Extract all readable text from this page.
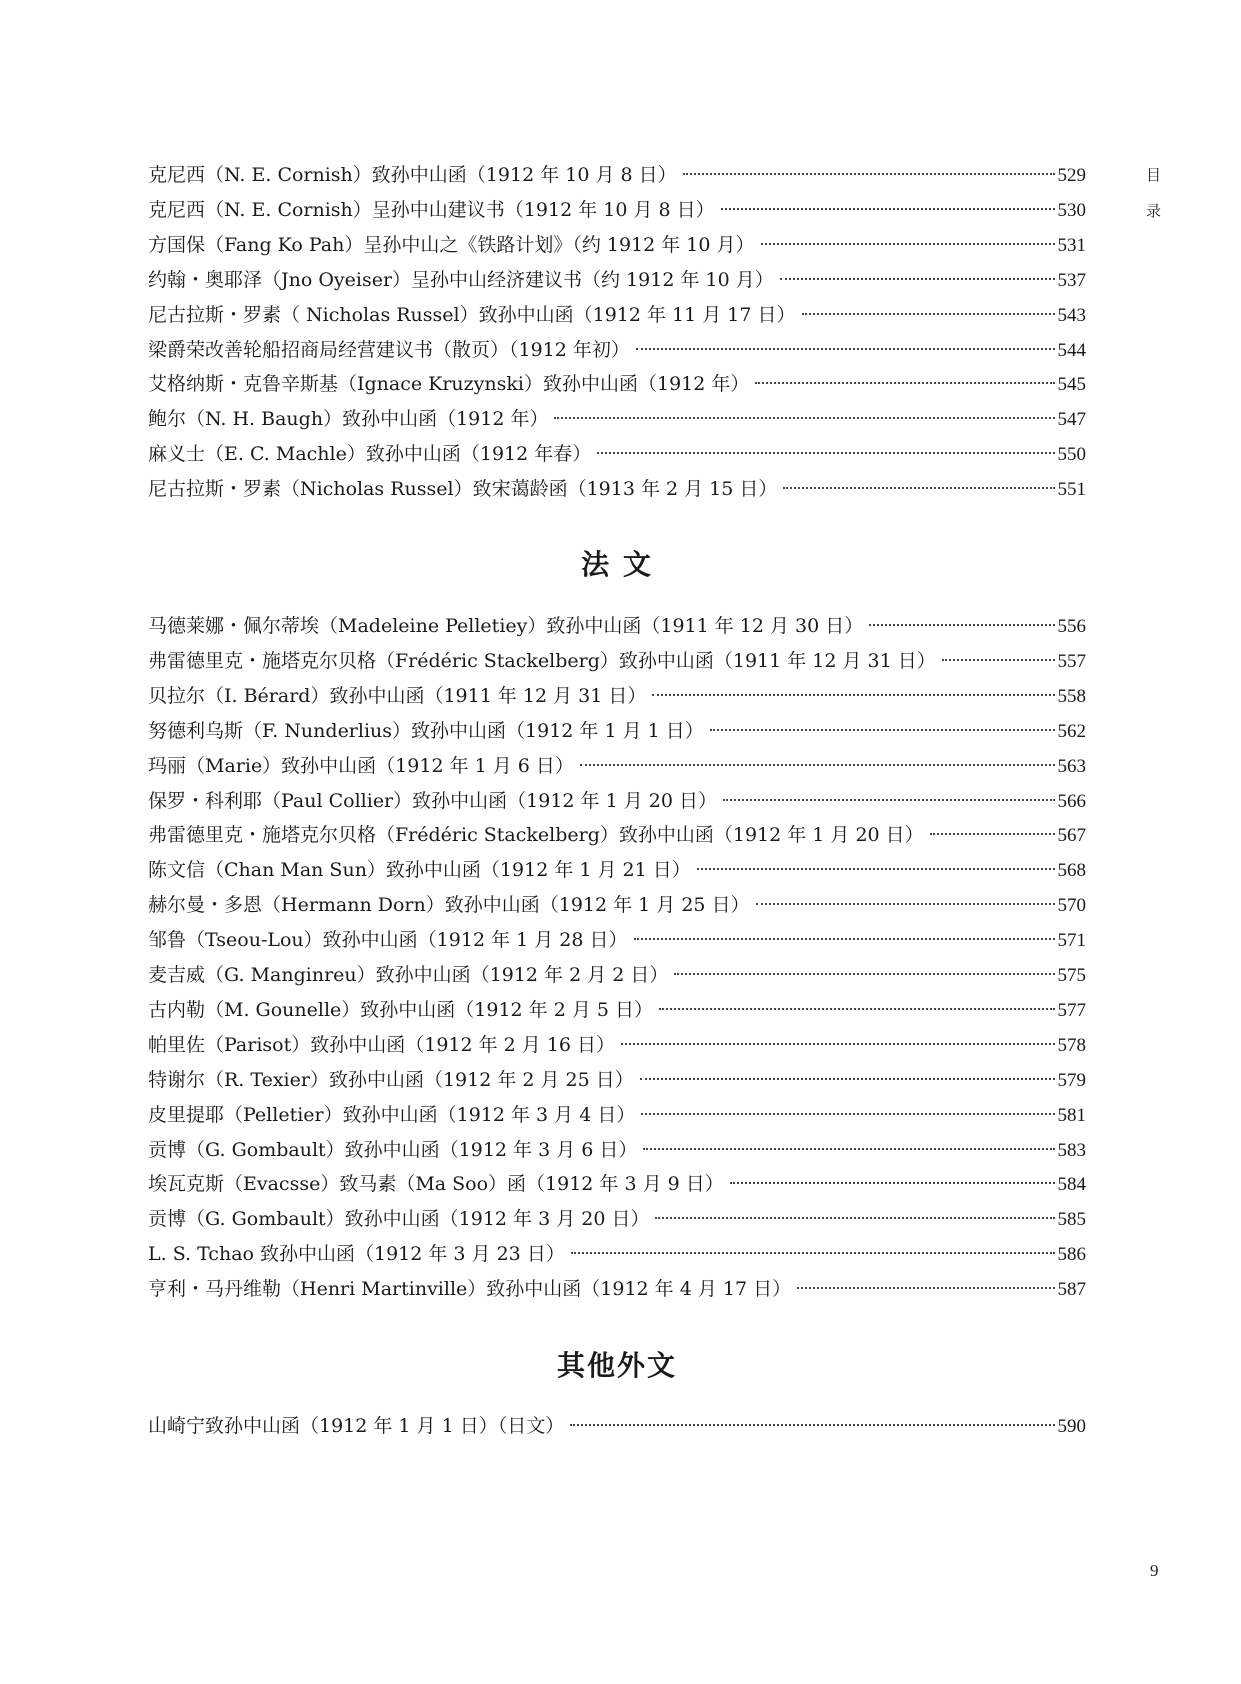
目
录
克尼西（N. E. Cornish）致孙中山函（1912 年 10 月 8 日）	529
克尼西（N. E. Cornish）呈孙中山建议书（1912 年 10 月 8 日）	530
方国保（Fang Ko Pah）呈孙中山之《铁路计划》（约 1912 年 10 月）	531
约翰・奥耶泽（Jno Oyeiser）呈孙中山经济建议书（约 1912 年 10 月）	537
尼古拉斯・罗素（ Nicholas Russel）致孙中山函（1912 年 11 月 17 日）	543
梁爵荣改善轮船招商局经营建议书（散页）（1912 年初）	544
艾格纳斯・克鲁辛斯基（Ignace Kruzynski）致孙中山函（1912 年）	545
鲍尔（N. H. Baugh）致孙中山函（1912 年）	547
麻义士（E. C. Machle）致孙中山函（1912 年春）	550
尼古拉斯・罗素（Nicholas Russel）致宋蔼龄函（1913 年 2 月 15 日）	551
法 文
马德莱娜・佩尔蒂埃（Madeleine Pelletiey）致孙中山函（1911 年 12 月 30 日）	556
弗雷德里克・施塔克尔贝格（Frédéric Stackelberg）致孙中山函（1911 年 12 月 31 日）	557
贝拉尔（I. Bérard）致孙中山函（1911 年 12 月 31 日）	558
努德利乌斯（F. Nunderlius）致孙中山函（1912 年 1 月 1 日）	562
玛丽（Marie）致孙中山函（1912 年 1 月 6 日）	563
保罗・科利耶（Paul Collier）致孙中山函（1912 年 1 月 20 日）	566
弗雷德里克・施塔克尔贝格（Frédéric Stackelberg）致孙中山函（1912 年 1 月 20 日）	567
陈文信（Chan Man Sun）致孙中山函（1912 年 1 月 21 日）	568
赫尔曼・多恩（Hermann Dorn）致孙中山函（1912 年 1 月 25 日）	570
邹鲁（Tseou-Lou）致孙中山函（1912 年 1 月 28 日）	571
麦吉威（G. Manginreu）致孙中山函（1912 年 2 月 2 日）	575
古内勒（M. Gounelle）致孙中山函（1912 年 2 月 5 日）	577
帕里佐（Parisot）致孙中山函（1912 年 2 月 16 日）	578
特谢尔（R. Texier）致孙中山函（1912 年 2 月 25 日）	579
皮里提耶（Pelletier）致孙中山函（1912 年 3 月 4 日）	581
贡博（G. Gombault）致孙中山函（1912 年 3 月 6 日）	583
埃瓦克斯（Evacsse）致马素（Ma Soo）函（1912 年 3 月 9 日）	584
贡博（G. Gombault）致孙中山函（1912 年 3 月 20 日）	585
L. S. Tchao 致孙中山函（1912 年 3 月 23 日）	586
亨利・马丹维勒（Henri Martinville）致孙中山函（1912 年 4 月 17 日）	587
其他外文
山崎宁致孙中山函（1912 年 1 月 1 日）（日文）	590
9
